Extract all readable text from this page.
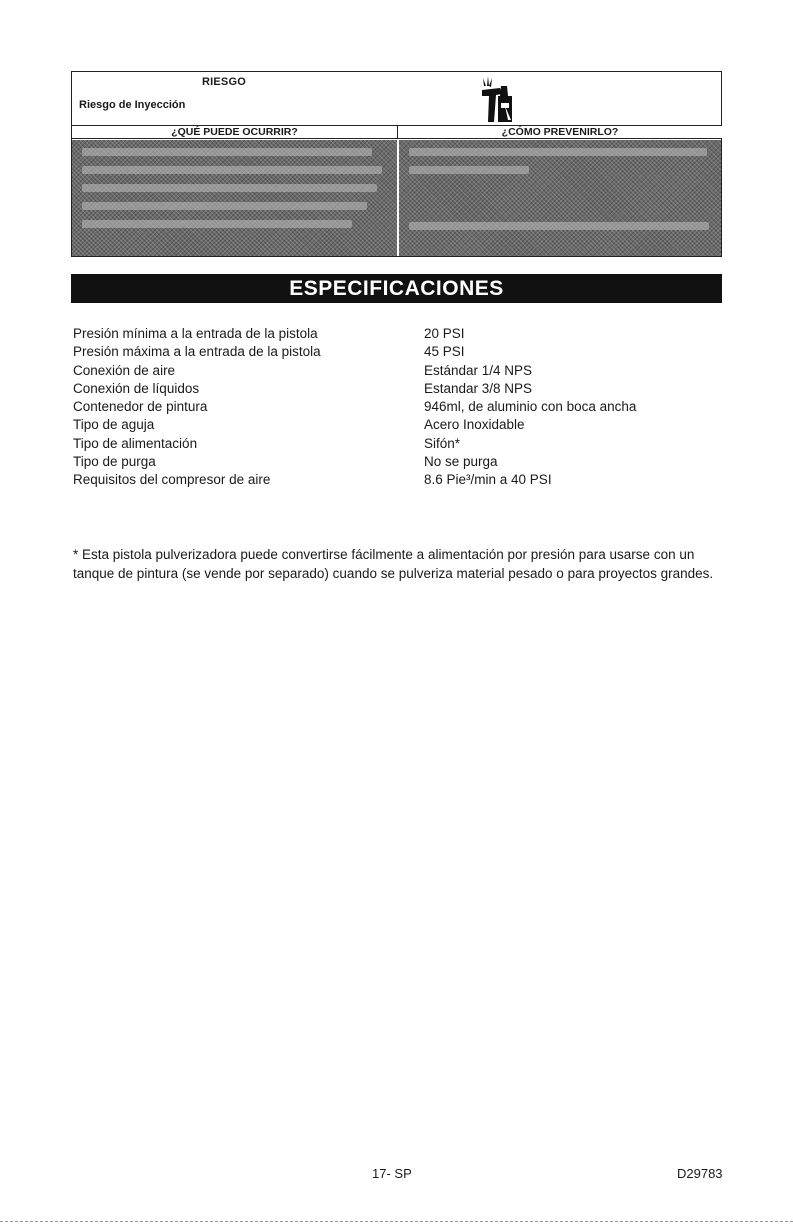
RIESGO
Riesgo de Inyección
¿QUÉ PUEDE OCURRIR?	¿CÓMO PREVENIRLO?
ESPECIFICACIONES
Presión mínima a la entrada de la pistola	20 PSI
Presión máxima a la entrada de la pistola	45 PSI
Conexión de aire	Estándar 1/4 NPS
Conexión de líquidos	Estandar 3/8 NPS
Contenedor de pintura	946ml, de aluminio con boca ancha
Tipo de aguja	Acero Inoxidable
Tipo de alimentación	Sifón*
Tipo de purga	No se purga
Requisitos del compresor de aire	8.6 Pie³/min a 40 PSI
* Esta pistola pulverizadora puede convertirse fácilmente a alimentación por presión para usarse con un tanque de pintura (se vende por separado) cuando se pulveriza material pesado o para proyectos grandes.
17- SP	D29783
